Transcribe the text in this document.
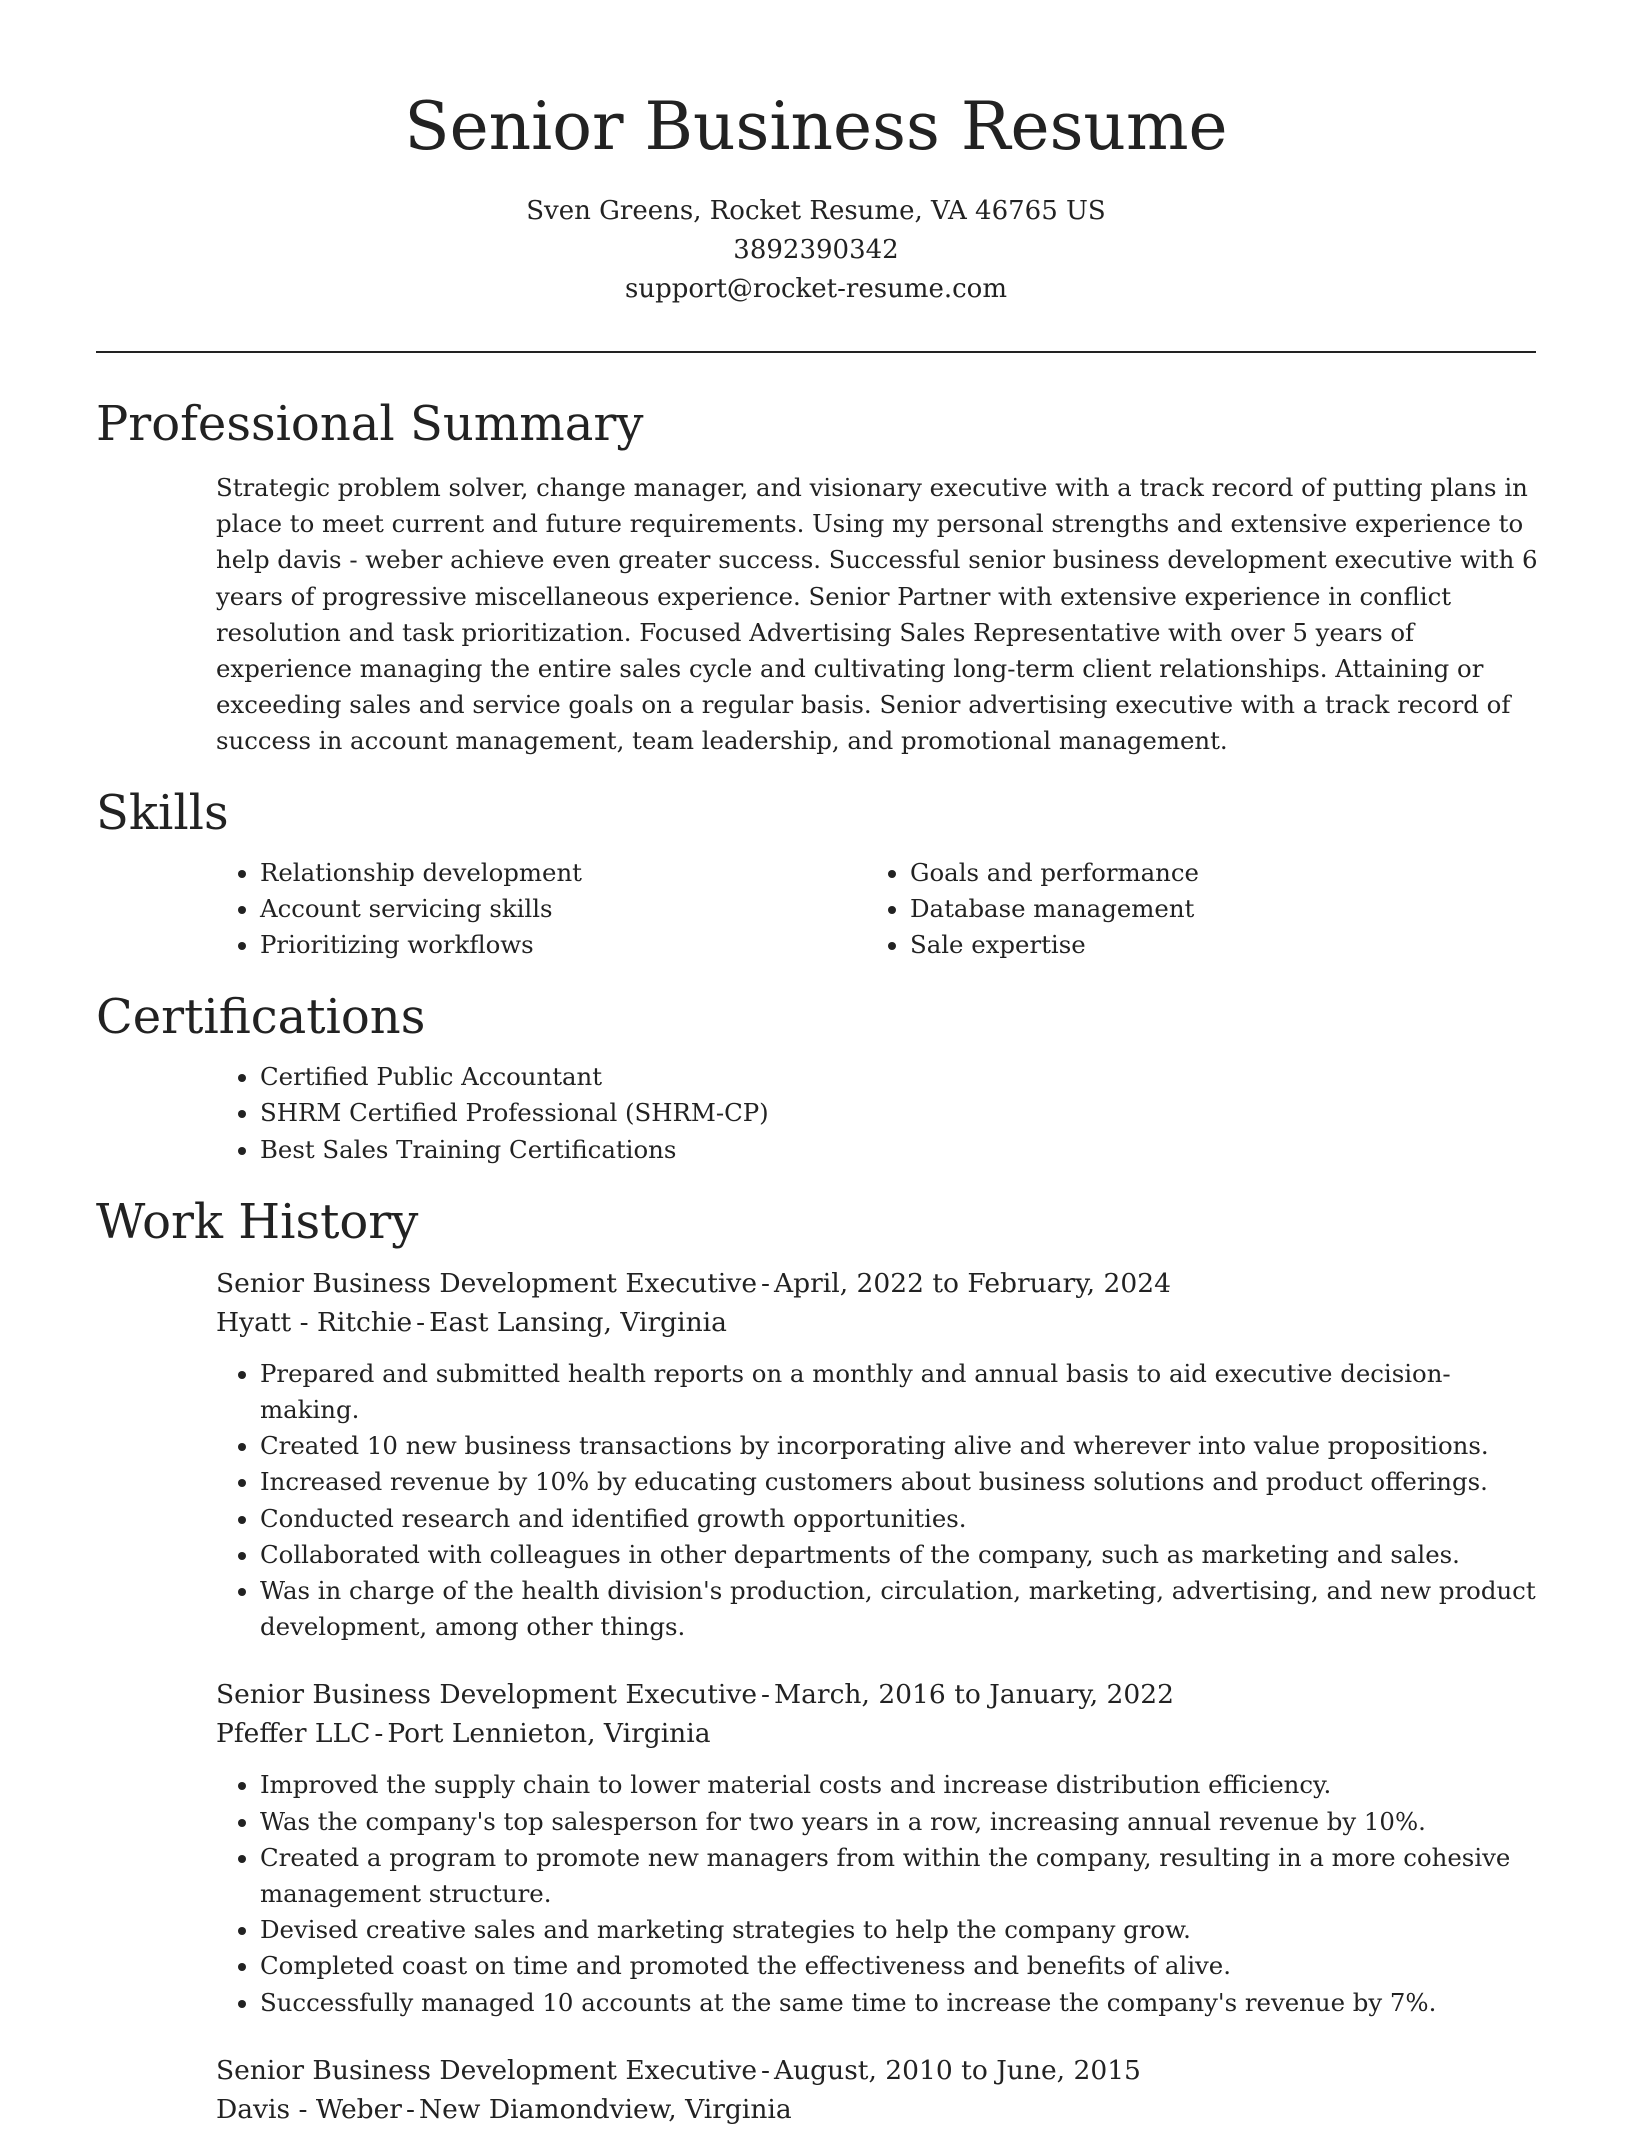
Senior Business Resume
Sven Greens, Rocket Resume, VA 46765 US
3892390342
support@rocket-resume.com
Professional Summary

Strategic problem solver, change manager, and visionary executive with a track record of putting plans in place to meet current and future requirements. Using my personal strengths and extensive experience to help davis - weber achieve even greater success. Successful senior business development executive with 6 years of progressive miscellaneous experience. Senior Partner with extensive experience in conflict resolution and task prioritization. Focused Advertising Sales Representative with over 5 years of experience managing the entire sales cycle and cultivating long-term client relationships. Attaining or exceeding sales and service goals on a regular basis. Senior advertising executive with a track record of success in account management, team leadership, and promotional management.

Skills
• Relationship development
• Account servicing skills
• Prioritizing workflows
• Goals and performance
• Database management
• Sale expertise
Certifications
• Certified Public Accountant
• SHRM Certified Professional (SHRM-CP)
• Best Sales Training Certifications
Work History
Senior Business Development Executive - April, 2022 to February, 2024
Hyatt - Ritchie - East Lansing, Virginia
• Prepared and submitted health reports on a monthly and annual basis to aid executive decision-making.
• Created 10 new business transactions by incorporating alive and wherever into value propositions.
• Increased revenue by 10% by educating customers about business solutions and product offerings.
• Conducted research and identified growth opportunities.
• Collaborated with colleagues in other departments of the company, such as marketing and sales.
• Was in charge of the health division's production, circulation, marketing, advertising, and new product development, among other things.
Senior Business Development Executive - March, 2016 to January, 2022
Pfeffer LLC - Port Lennieton, Virginia
• Improved the supply chain to lower material costs and increase distribution efficiency.
• Was the company's top salesperson for two years in a row, increasing annual revenue by 10%.
• Created a program to promote new managers from within the company, resulting in a more cohesive management structure.
• Devised creative sales and marketing strategies to help the company grow.
• Completed coast on time and promoted the effectiveness and benefits of alive.
• Successfully managed 10 accounts at the same time to increase the company's revenue by 7%.
Senior Business Development Executive - August, 2010 to June, 2015
Davis - Weber - New Diamondview, Virginia
